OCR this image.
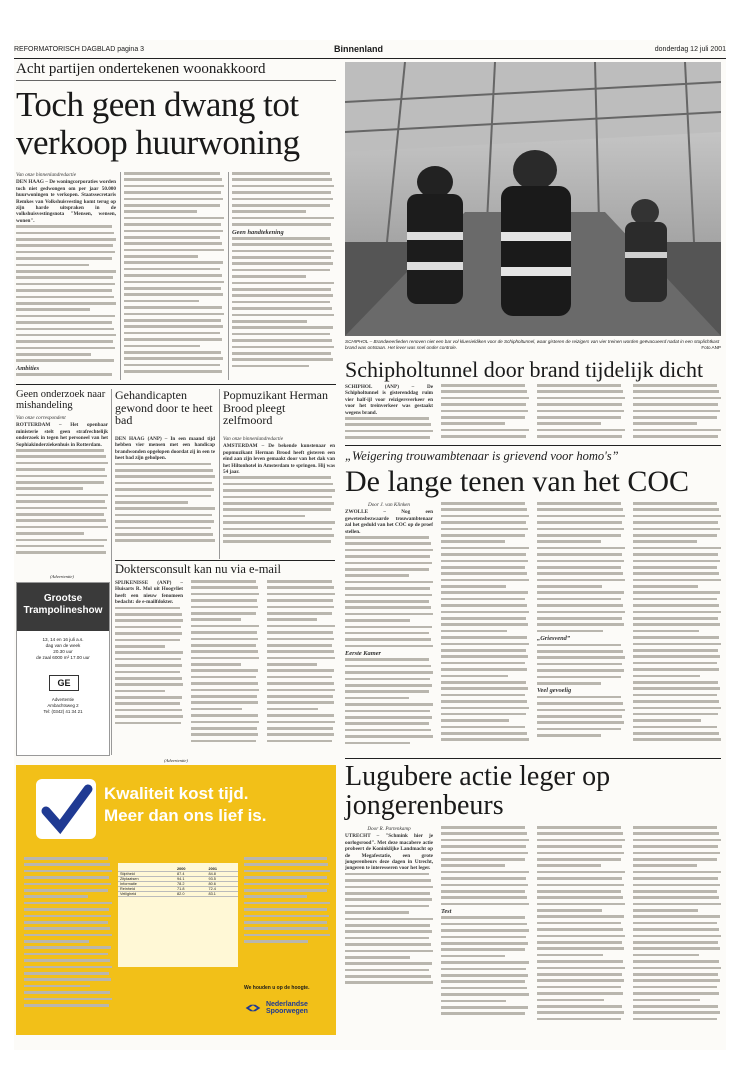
REFORMATORISCH DAGBLAD pagina 3	Binnenland	donderdag 12 juli 2001
Acht partijen ondertekenen woonakkoord
Toch geen dwang tot verkoop huurwoning

Van onze binnenlandredactie

DEN HAAG – De woningcorporaties worden toch niet gedwongen om per jaar 50.000 huurwoningen te verkopen. Staatssecretaris Remkes van Volkshuisvesting komt terug op zijn harde uitspraken in de volkshuisvestingsnota "Mensen, wensen, wonen".

Ambities

Geen handtekening

SCHIPHOL – Brandweerlieden renoven niet een bar vol kluesieldiken voor de Schipholtunnel, waar gisteren de reizigers van vier treinen worden geëvacueerd nadat in een stoplichtkast brand was ontstaan. Het lever was snel onder controle.	Foto ANP
Schipholtunnel door brand tijdelijk dicht

SCHIPHOL (ANP) – De Schipholtunnel is gisterenddag ruim vier half-ijl voor reizigersverkeer en voor het treinverkeer was gestaakt wegens brand.

Geen onderzoek naar mishandeling

Van onze correspondent

ROTTERDAM – Het openbaar ministerie stelt geen strafrechtelijk onderzoek in tegen het personeel van het Sophiakinderziekenhuis in Rotterdam.

Gehandicapten gewond door te heet bad

DEN HAAG (ANP) – In een maand tijd hebben vier mensen met een handicap brandwonden opgelopen doordat zij in een te heet bad zijn geholpen.

Popmuzikant Herman Brood pleegt zelfmoord

Van onze binnenlandredactie

AMSTERDAM – De bekende kunstenaar en popmuzikant Herman Brood heeft gisteren een eind aan zijn leven gemaakt door van het dak van het Hiltonhotel in Amsterdam te springen. Hij was 54 jaar.

(Advertentie)
Grootse Trampolineshow
13, 14 en 16 juli a.s.
dag van de week
20.30 uur
de zaal 6000 m² 17.00 uur
GE
Advertentie
Ambachtsweg 2
Tel: (0342) 41 34 21
Doktersconsult kan nu via e-mail

SPIJKENISSE (ANP) – Huisarts R. Mol uit Hoogvliet heeft een nieuw fenomeen bedacht: de e-mailfdokter.

„Weigering trouwambtenaar is grievend voor homo's”
De lange tenen van het COC

Door J. van Klinken

ZWOLLE – Nog een gewetensbezwaarde trouwambtenaar zal het geduld van het COC op de proef stellen.

Eerste Kamer

„Griesvend”

Veel gevoelig

(Advertentie)
Kwaliteit kost tijd.
Meer dan ons lief is.
	2000	2001
Stiptheid	87.4	84.8
Zitplaatsen	94.1	93.5
Informatie	78.2	80.6
Reinheid	71.8	72.4
Veiligheid	82.0	83.1
We houden u op de hoogte.
Nederlandse Spoorwegen
Lugubere actie leger op jongerenbeurs

Door R. Partenkamp

UTRECHT – "Schmink hier je oorlogsrood". Met deze macabere actie probeert de Koninklijke Landmacht op de Megafestatie, een grote jongerenbeurs deze dagen in Utrecht, jongeren te interesseren voor het leger.

Test
